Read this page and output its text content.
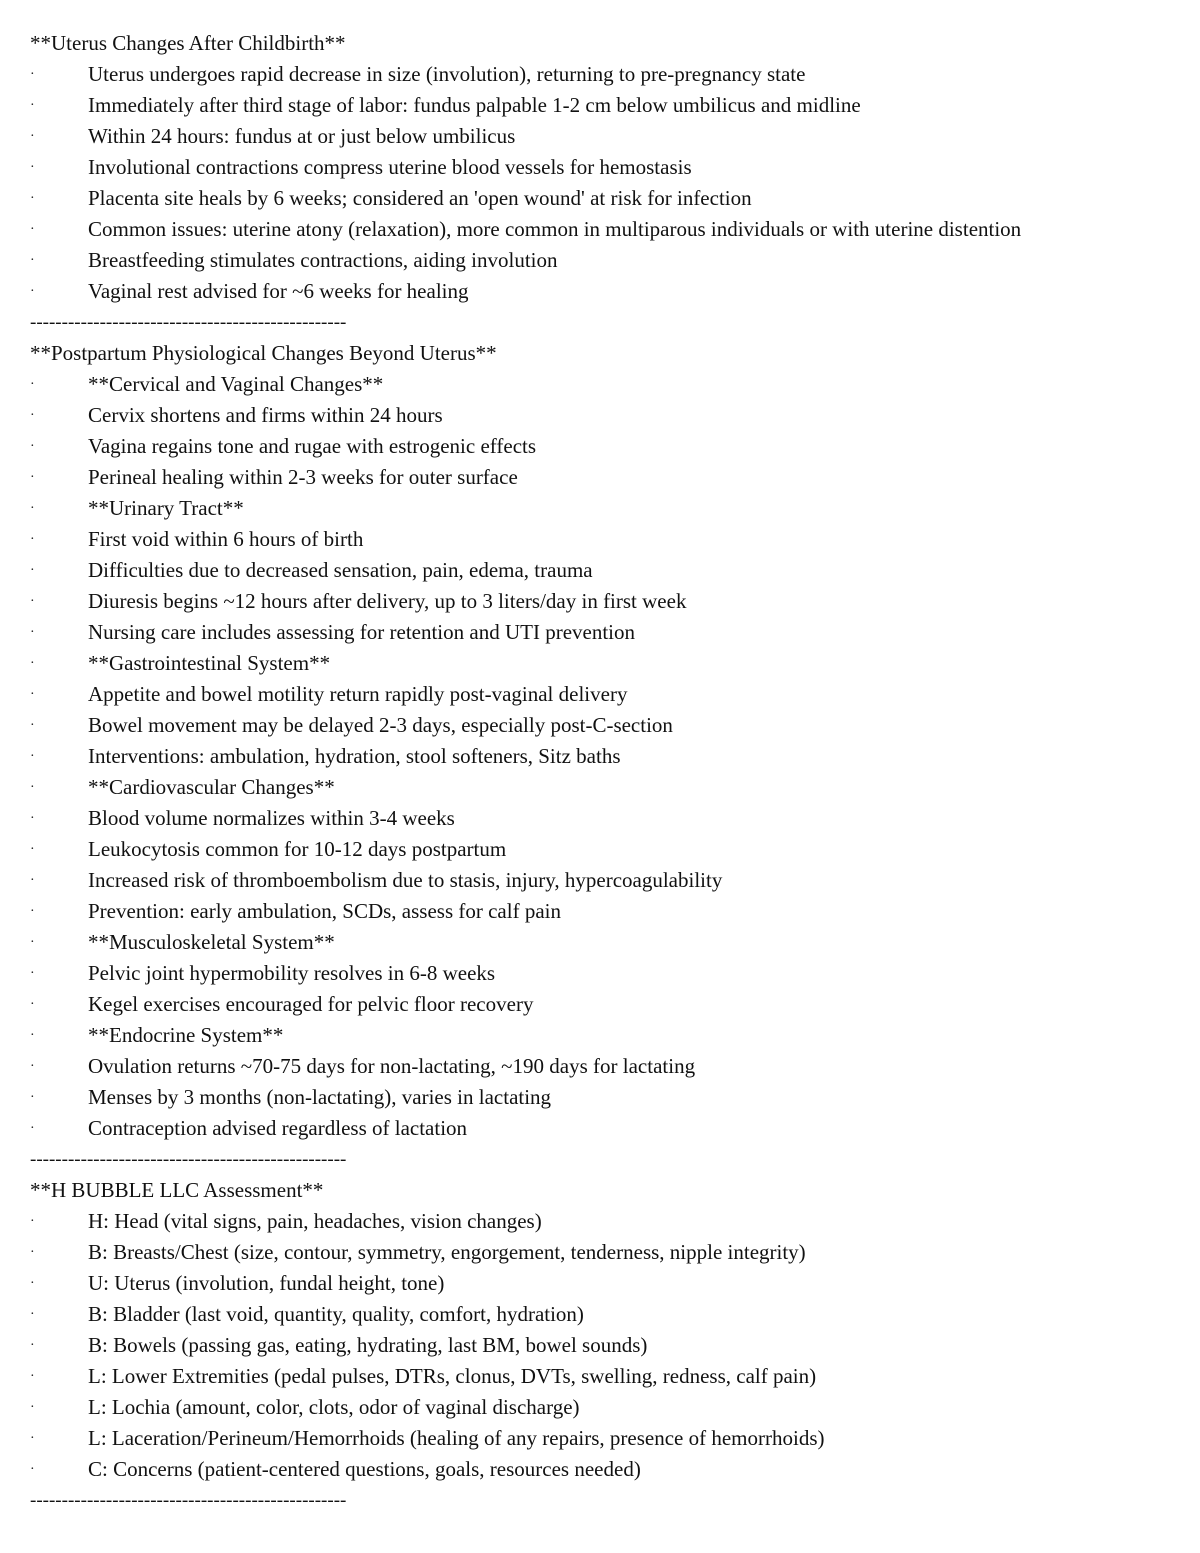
**Uterus Changes After Childbirth**
·	Uterus undergoes rapid decrease in size (involution), returning to pre-pregnancy state
·	Immediately after third stage of labor: fundus palpable 1-2 cm below umbilicus and midline
·	Within 24 hours: fundus at or just below umbilicus
·	Involutional contractions compress uterine blood vessels for hemostasis
·	Placenta site heals by 6 weeks; considered an 'open wound' at risk for infection
·	Common issues: uterine atony (relaxation), more common in multiparous individuals or with uterine distention
·	Breastfeeding stimulates contractions, aiding involution
·	Vaginal rest advised for ~6 weeks for healing
--------------------------------------------------
**Postpartum Physiological Changes Beyond Uterus**
·	**Cervical and Vaginal Changes**
·	Cervix shortens and firms within 24 hours
·	Vagina regains tone and rugae with estrogenic effects
·	Perineal healing within 2-3 weeks for outer surface
·	**Urinary Tract**
·	First void within 6 hours of birth
·	Difficulties due to decreased sensation, pain, edema, trauma
·	Diuresis begins ~12 hours after delivery, up to 3 liters/day in first week
·	Nursing care includes assessing for retention and UTI prevention
·	**Gastrointestinal System**
·	Appetite and bowel motility return rapidly post-vaginal delivery
·	Bowel movement may be delayed 2-3 days, especially post-C-section
·	Interventions: ambulation, hydration, stool softeners, Sitz baths
·	**Cardiovascular Changes**
·	Blood volume normalizes within 3-4 weeks
·	Leukocytosis common for 10-12 days postpartum
·	Increased risk of thromboembolism due to stasis, injury, hypercoagulability
·	Prevention: early ambulation, SCDs, assess for calf pain
·	**Musculoskeletal System**
·	Pelvic joint hypermobility resolves in 6-8 weeks
·	Kegel exercises encouraged for pelvic floor recovery
·	**Endocrine System**
·	Ovulation returns ~70-75 days for non-lactating, ~190 days for lactating
·	Menses by 3 months (non-lactating), varies in lactating
·	Contraception advised regardless of lactation
--------------------------------------------------
**H BUBBLE LLC Assessment**
·	H: Head (vital signs, pain, headaches, vision changes)
·	B: Breasts/Chest (size, contour, symmetry, engorgement, tenderness, nipple integrity)
·	U: Uterus (involution, fundal height, tone)
·	B: Bladder (last void, quantity, quality, comfort, hydration)
·	B: Bowels (passing gas, eating, hydrating, last BM, bowel sounds)
·	L: Lower Extremities (pedal pulses, DTRs, clonus, DVTs, swelling, redness, calf pain)
·	L: Lochia (amount, color, clots, odor of vaginal discharge)
·	L: Laceration/Perineum/Hemorrhoids (healing of any repairs, presence of hemorrhoids)
·	C: Concerns (patient-centered questions, goals, resources needed)
--------------------------------------------------
